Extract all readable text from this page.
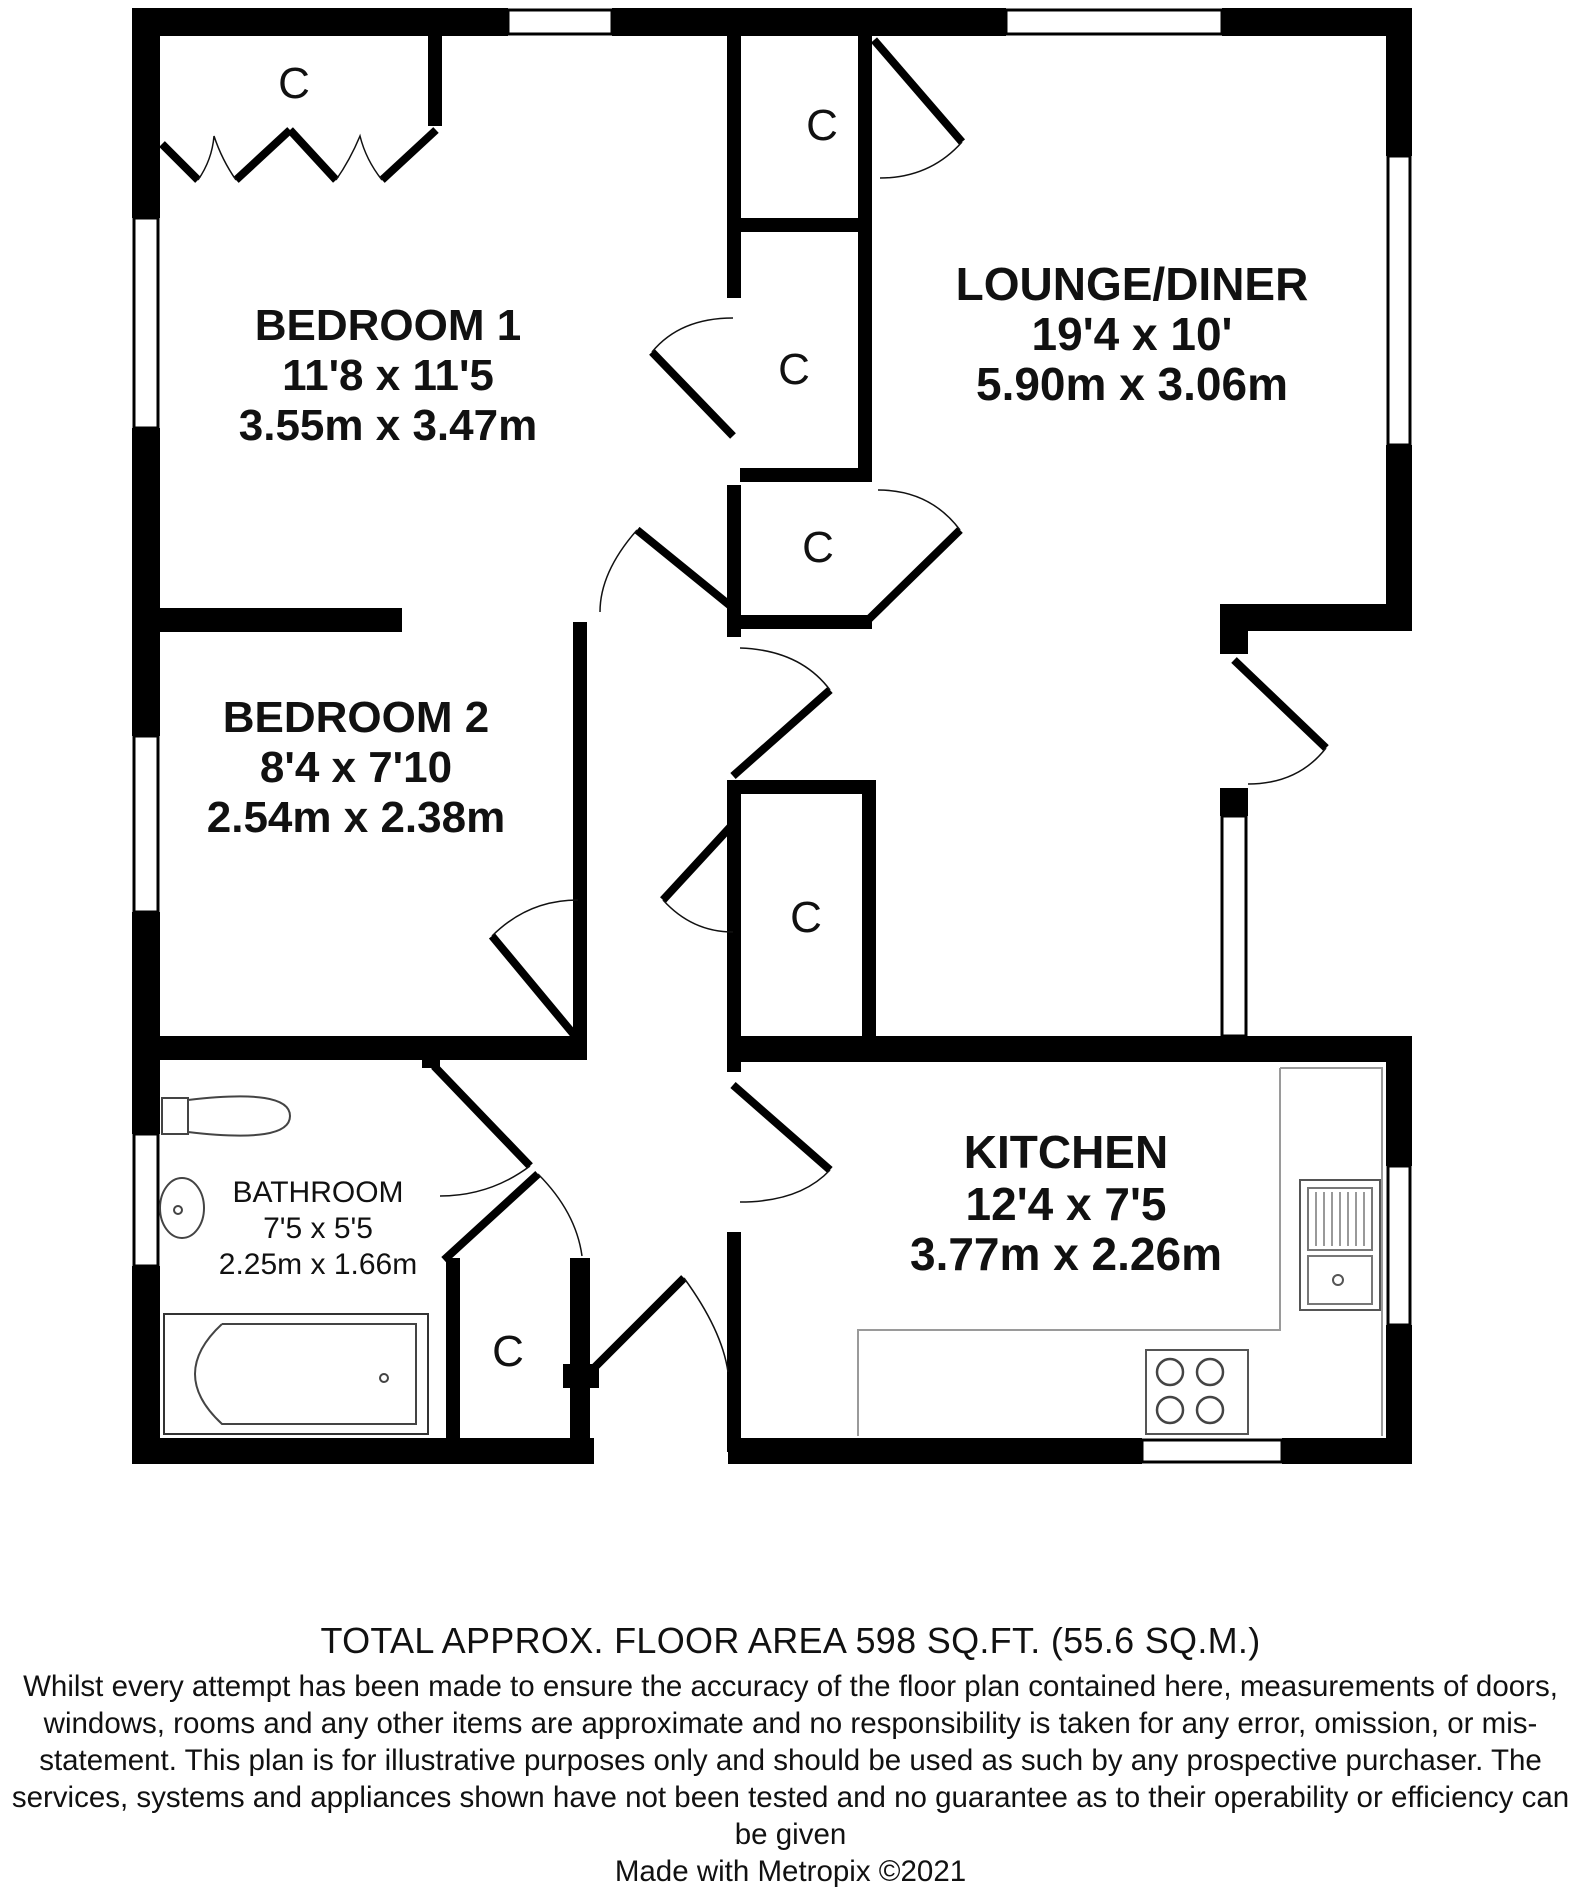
BEDROOM 1
11'8 x 11'5
3.55m x 3.47m
BEDROOM 2
8'4 x 7'10
2.54m x 2.38m
LOUNGE/DINER
19'4 x 10'
5.90m x 3.06m
KITCHEN
12'4 x 7'5
3.77m x 2.26m
BATHROOM
7'5 x 5'5
2.25m x 1.66m
C
C
C
C
C
C

TOTAL APPROX. FLOOR AREA 598 SQ.FT. (55.6 SQ.M.)

Whilst every attempt has been made to ensure the accuracy of the floor plan contained here, measurements of doors, windows, rooms and any other items are approximate and no responsibility is taken for any error, omission, or mis-statement. This plan is for illustrative purposes only and should be used as such by any prospective purchaser. The services, systems and appliances shown have not been tested and no guarantee as to their operability or efficiency can be given

Made with Metropix ©2021
